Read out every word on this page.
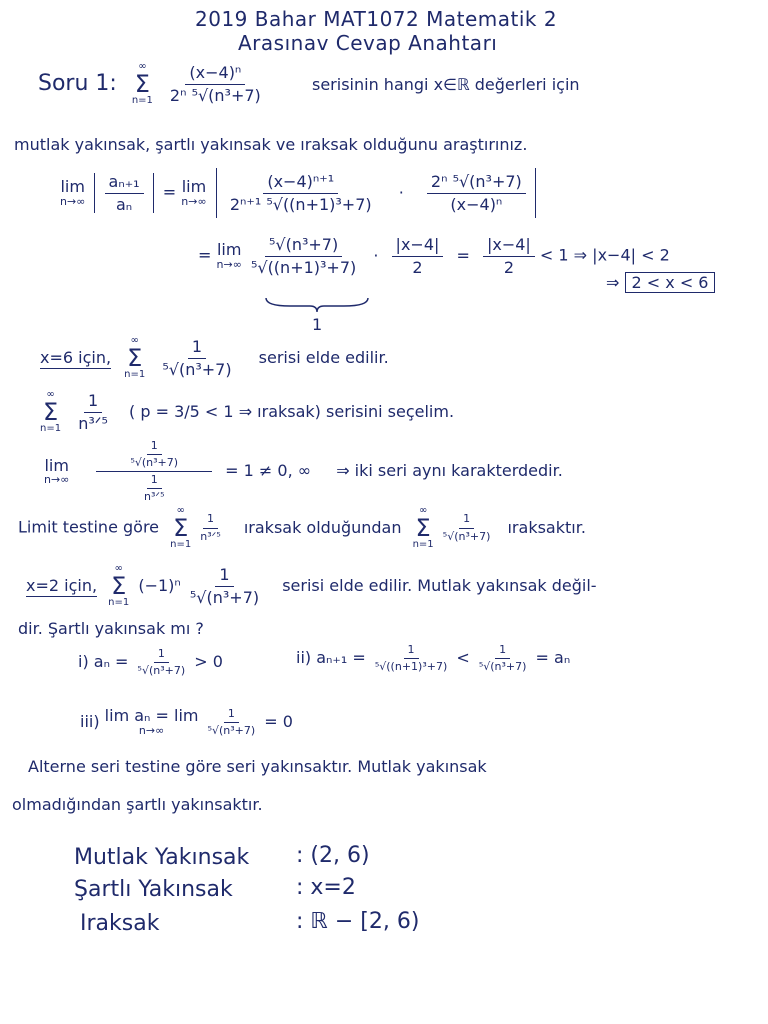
2019 Bahar MAT1072 Matematik 2
Arasınav Cevap Anahtarı
Soru 1:
∞
Σ
n=1
$\frac{\text{(x−4)ⁿ}}{\text{2ⁿ ⁵√(n³+7)}}$	serisinin hangi x∈ℝ değerleri için
mutlak yakınsak, şartlı yakınsak ve ıraksak olduğunu araştırınız.
lim
n→∞
$\frac{\text{aₙ₊₁}}{\text{aₙ}} = \lim$
n→∞
$\frac{\text{(x−4)ⁿ⁺¹}}{\text{2ⁿ⁺¹ ⁵√((n+1)³+7)}} \cdot \frac{\text{2ⁿ ⁵√(n³+7)}}{\text{(x−4)ⁿ}}$

= lim
n→∞
$\frac{\text{⁵√(n³+7)}}{\text{⁵√((n+1)³+7)}} \cdot \frac{|x-4|}{2} = \frac{|x-4|}{2} < 1$ ⇒ |x−4| < 2
1
⇒ 2 < x < 6
x=6 için,
∞
Σ
n=1
$\frac{1}{\text{⁵√(n³+7)}}$ serisi elde edilir.
∞
Σ
n=1
$\frac{1}{\text{n³ᐟ⁵}}$ ( p = 3/5 < 1 ⇒ ıraksak) serisini seçelim.
lim
n→∞
$\frac{\frac{1}{\text{⁵√(n³+7)}}}{\frac{1}{\text{n³ᐟ⁵}}} = 1 \ne 0$, ∞ ⇒ iki seri aynı karakterdedir.
Limit testine göre
∞
Σ
n=1

$\frac{1}{\text{n³ᐟ⁵}}$ ıraksak olduğundan
∞
Σ
n=1

$\frac{1}{\text{⁵√(n³+7)}}$ ıraksaktır.
x=2 için,
∞
Σ
n=1
$(-1)^n \frac{1}{\text{⁵√(n³+7)}}$ serisi elde edilir. Mutlak yakınsak değil-
dir. Şartlı yakınsak mı ?
i) $a_n = \frac{1}{\text{⁵√(n³+7)}} > 0$	ii) $a_{n+1} = \frac{1}{\text{⁵√((n+1)³+7)}} < \frac{1}{\text{⁵√(n³+7)}} = a_n$
iii) lim aₙ = lim
n→∞
	$\frac{1}{\text{⁵√(n³+7)}} = 0$
Alterne seri testine göre seri yakınsaktır. Mutlak yakınsak
olmadığından şartlı yakınsaktır.
Mutlak Yakınsak : (2, 6)
Şartlı Yakınsak	: x=2
Iraksak	: ℝ − [2, 6)
